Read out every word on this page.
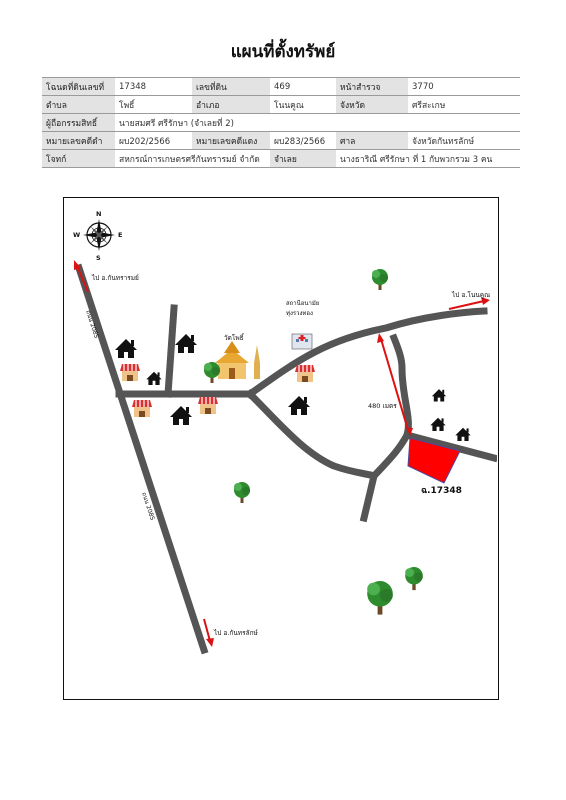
แผนที่ตั้งทรัพย์
โฉนดที่ดินเลขที่	17348	เลขที่ดิน	469	หน้าสำรวจ	3770
ตำบล	โพธิ์	อำเภอ	โนนคูณ	จังหวัด	ศรีสะเกษ
ผู้ถือกรรมสิทธิ์	นายสมศรี ศรีรักษา (จำเลยที่ 2)				
หมายเลขคดีดำ	ผบ202/2566	หมายเลขคดีแดง	ผบ283/2566	ศาล	จังหวัดกันทรลักษ์
โจทก์	สหกรณ์การเกษตรศรีกันทรารมย์ จำกัด		จำเลย	นางธาริณี ศรีรักษา ที่ 1 กับพวกรวม 3 คน	
ฉ.17348
N
S
E
W
ไป อ.กันทรารมย์
ไป อ.โนนคูณ
ไป อ.กันทรลักษ์
ถนน 2085
ถนน 2085
480 เมตร
วัดโพธิ์
สถานีอนามัย
ทุ่งรวงทอง
